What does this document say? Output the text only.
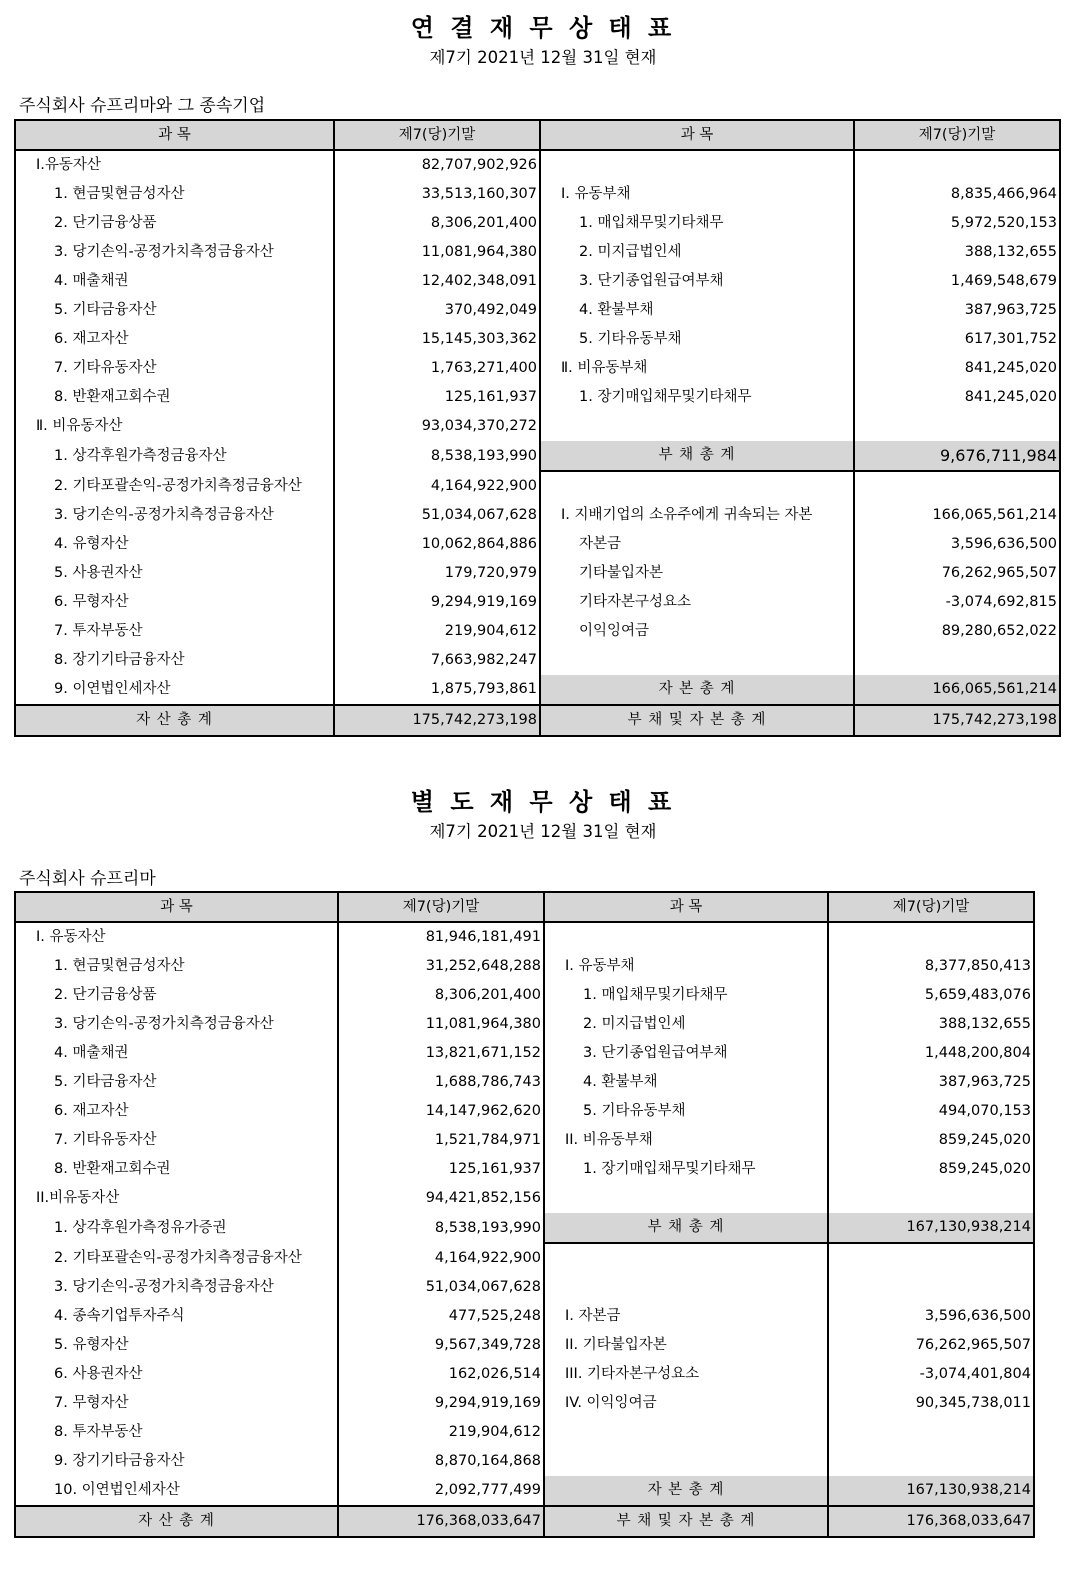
연 결 재 무 상 태 표
제7기 2021년 12월 31일 현재
주식회사 슈프리마와 그 종속기업
과 목	제7(당)기말	과 목	제7(당)기말
Ⅰ.유동자산	82,707,902,926		
1. 현금및현금성자산	33,513,160,307	Ⅰ. 유동부채	8,835,466,964
2. 단기금융상품	8,306,201,400	1. 매입채무및기타채무	5,972,520,153
3. 당기손익-공정가치측정금융자산	11,081,964,380	2. 미지급법인세	388,132,655
4. 매출채권	12,402,348,091	3. 단기종업원급여부채	1,469,548,679
5. 기타금융자산	370,492,049	4. 환불부채	387,963,725
6. 재고자산	15,145,303,362	5. 기타유동부채	617,301,752
7. 기타유동자산	1,763,271,400	Ⅱ. 비유동부채	841,245,020
8. 반환재고회수권	125,161,937	1. 장기매입채무및기타채무	841,245,020
Ⅱ. 비유동자산	93,034,370,272		
1. 상각후원가측정금융자산	8,538,193,990	부 채 총 계	9,676,711,984
2. 기타포괄손익-공정가치측정금융자산	4,164,922,900		
3. 당기손익-공정가치측정금융자산	51,034,067,628	Ⅰ. 지배기업의 소유주에게 귀속되는 자본	166,065,561,214
4. 유형자산	10,062,864,886	자본금	3,596,636,500
5. 사용권자산	179,720,979	기타불입자본	76,262,965,507
6. 무형자산	9,294,919,169	기타자본구성요소	-3,074,692,815
7. 투자부동산	219,904,612	이익잉여금	89,280,652,022
8. 장기기타금융자산	7,663,982,247		
9. 이연법인세자산	1,875,793,861	자 본 총 계	166,065,561,214
자 산 총 계	175,742,273,198	부 채 및 자 본 총 계	175,742,273,198
별 도 재 무 상 태 표
제7기 2021년 12월 31일 현재
주식회사 슈프리마
과 목	제7(당)기말	과 목	제7(당)기말
I. 유동자산	81,946,181,491		
1. 현금및현금성자산	31,252,648,288	I. 유동부채	8,377,850,413
2. 단기금융상품	8,306,201,400	1. 매입채무및기타채무	5,659,483,076
3. 당기손익-공정가치측정금융자산	11,081,964,380	2. 미지급법인세	388,132,655
4. 매출채권	13,821,671,152	3. 단기종업원급여부채	1,448,200,804
5. 기타금융자산	1,688,786,743	4. 환불부채	387,963,725
6. 재고자산	14,147,962,620	5. 기타유동부채	494,070,153
7. 기타유동자산	1,521,784,971	II. 비유동부채	859,245,020
8. 반환재고회수권	125,161,937	1. 장기매입채무및기타채무	859,245,020
II.비유동자산	94,421,852,156		
1. 상각후원가측정유가증권	8,538,193,990	부 채 총 계	167,130,938,214
2. 기타포괄손익-공정가치측정금융자산	4,164,922,900		
3. 당기손익-공정가치측정금융자산	51,034,067,628		
4. 종속기업투자주식	477,525,248	I. 자본금	3,596,636,500
5. 유형자산	9,567,349,728	II. 기타불입자본	76,262,965,507
6. 사용권자산	162,026,514	III. 기타자본구성요소	-3,074,401,804
7. 무형자산	9,294,919,169	IV. 이익잉여금	90,345,738,011
8. 투자부동산	219,904,612		
9. 장기기타금융자산	8,870,164,868		
10. 이연법인세자산	2,092,777,499	자 본 총 계	167,130,938,214
자 산 총 계	176,368,033,647	부 채 및 자 본 총 계	176,368,033,647
